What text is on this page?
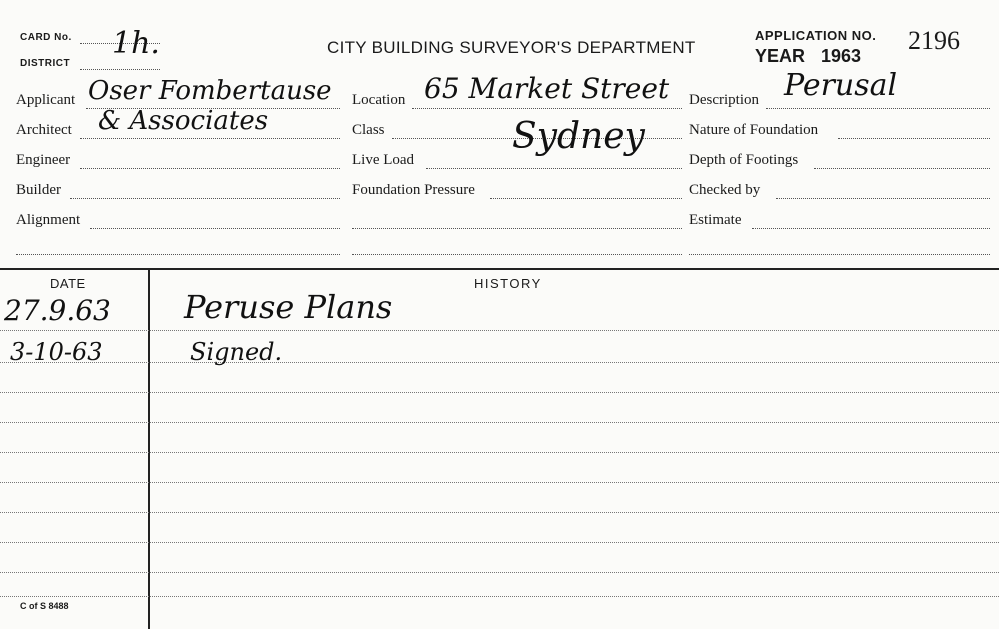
CARD No.
DISTRICT
1h.	CITY BUILDING SURVEYOR'S DEPARTMENT
APPLICATION NO. 2196
YEAR 1963
Applicant Oser Fombertause
Architect & Associates
Engineer
Builder
Alignment
Location 65 Market Street
Class	Sydney
Live Load
Foundation Pressure
Description Perusal
Nature of Foundation
Depth of Footings
Checked by
Estimate
DATE	HISTORY
27.9.63 Peruse Plans
3-10-63	Signed.
C of S 8488
